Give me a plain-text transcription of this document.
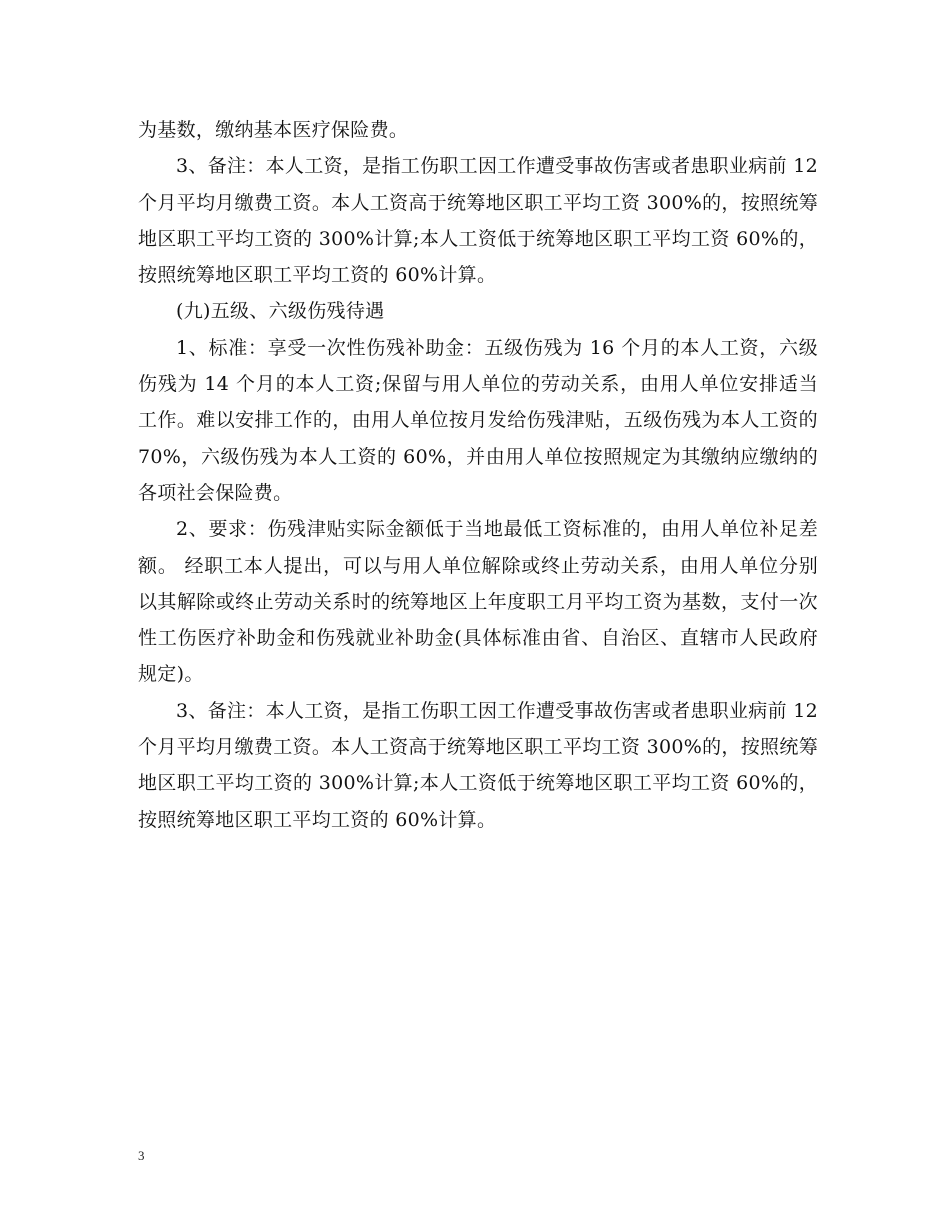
为基数，缴纳基本医疗保险费。

3、备注：本人工资，是指工伤职工因工作遭受事故伤害或者患职业病前 12 个月平均月缴费工资。本人工资高于统筹地区职工平均工资 300%的，按照统筹地区职工平均工资的 300%计算;本人工资低于统筹地区职工平均工资 60%的，按照统筹地区职工平均工资的 60%计算。

(九)五级、六级伤残待遇

1、标准：享受一次性伤残补助金：五级伤残为 16 个月的本人工资，六级伤残为 14 个月的本人工资;保留与用人单位的劳动关系，由用人单位安排适当工作。难以安排工作的，由用人单位按月发给伤残津贴，五级伤残为本人工资的 70%，六级伤残为本人工资的 60%，并由用人单位按照规定为其缴纳应缴纳的各项社会保险费。

2、要求：伤残津贴实际金额低于当地最低工资标准的，由用人单位补足差额。 经职工本人提出，可以与用人单位解除或终止劳动关系，由用人单位分别以其解除或终止劳动关系时的统筹地区上年度职工月平均工资为基数，支付一次性工伤医疗补助金和伤残就业补助金(具体标准由省、自治区、直辖市人民政府规定)。

3、备注：本人工资，是指工伤职工因工作遭受事故伤害或者患职业病前 12 个月平均月缴费工资。本人工资高于统筹地区职工平均工资 300%的，按照统筹地区职工平均工资的 300%计算;本人工资低于统筹地区职工平均工资 60%的，按照统筹地区职工平均工资的 60%计算。

3
